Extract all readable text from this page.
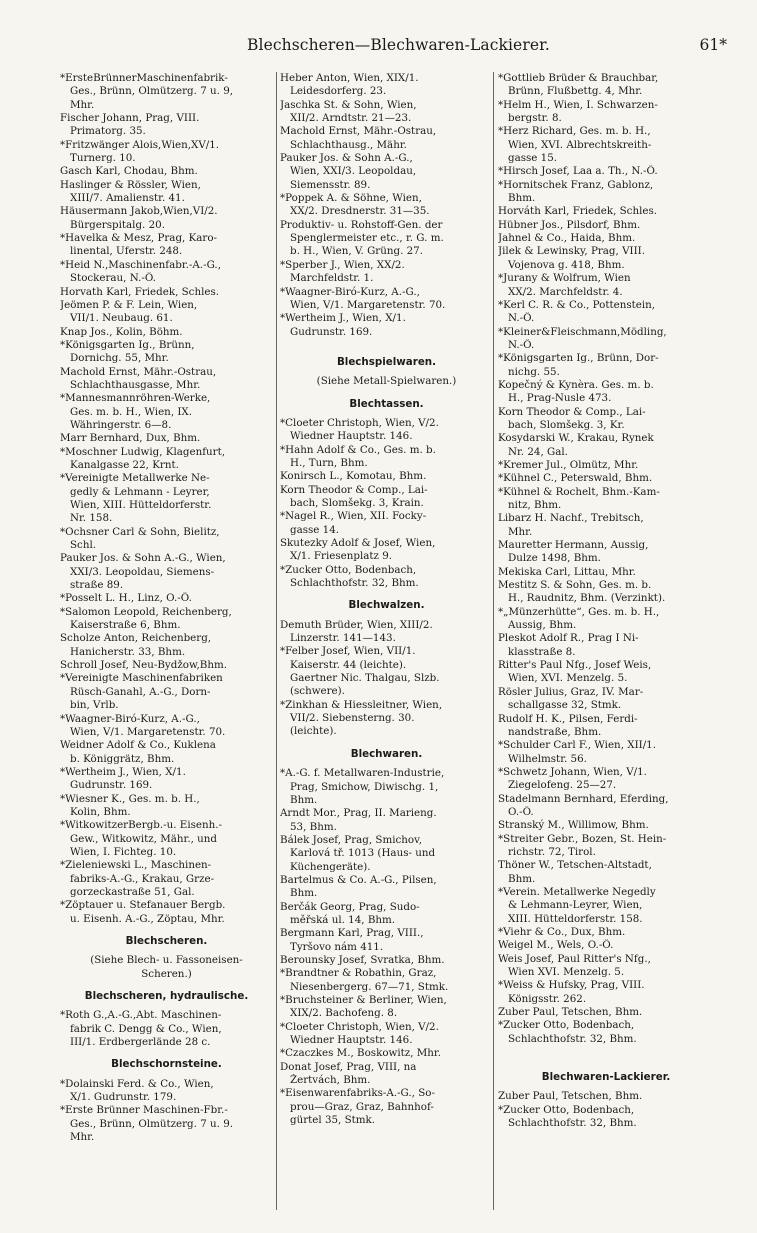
Blechscheren—Blechwaren-Lackierer.	61*
*ErsteBrünnerMaschinenfabrik-
Ges., Brünn, Olmützerg. 7 u. 9,
Mhr.
Fischer Johann, Prag, VIII.
Primatorg. 35.
*Fritzwänger Alois,Wien,XV/1.
Turnerg. 10.
Gasch Karl, Chodau, Bhm.
Haslinger & Rössler, Wien,
XIII/7. Amalienstr. 41.
Häusermann Jakob,Wien,VI/2.
Bürgerspitalg. 20.
*Havelka & Mesz, Prag, Karo-
linental, Uferstr. 248.
*Heid N.,Maschinenfabr.-A.-G.,
Stockerau, N.-Ö.
Horvath Karl, Friedek, Schles.
Jeömen P. & F. Lein, Wien,
VII/1. Neubaug. 61.
Knap Jos., Kolin, Böhm.
*Königsgarten Ig., Brünn,
Dornichg. 55, Mhr.
Machold Ernst, Mähr.-Ostrau,
Schlachthausgasse, Mhr.
*Mannesmannröhren-Werke,
Ges. m. b. H., Wien, IX.
Währingerstr. 6—8.
Marr Bernhard, Dux, Bhm.
*Moschner Ludwig, Klagenfurt,
Kanalgasse 22, Krnt.
*Vereinigte Metallwerke Ne-
gedly & Lehmann - Leyrer,
Wien, XIII. Hütteldorferstr.
Nr. 158.
*Ochsner Carl & Sohn, Bielitz,
Schl.
Pauker Jos. & Sohn A.-G., Wien,
XXI/3. Leopoldau, Siemens-
straße 89.
*Posselt L. H., Linz, O.-Ö.
*Salomon Leopold, Reichenberg,
Kaiserstraße 6, Bhm.
Scholze Anton, Reichenberg,
Hanicherstr. 33, Bhm.
Schroll Josef, Neu-Bydžow,Bhm.
*Vereinigte Maschinenfabriken
Rüsch-Ganahl, A.-G., Dorn-
bin, Vrlb.
*Waagner-Biró-Kurz, A.-G.,
Wien, V/1. Margaretenstr. 70.
Weidner Adolf & Co., Kuklena
b. Königgrätz, Bhm.
*Wertheim J., Wien, X/1.
Gudrunstr. 169.
*Wiesner K., Ges. m. b. H.,
Kolin, Bhm.
*WitkowitzerBergb.-u. Eisenh.-
Gew., Witkowitz, Mähr., und
Wien, I. Fichteg. 10.
*Zieleniewski L., Maschinen-
fabriks-A.-G., Krakau, Grze-
gorzeckastraße 51, Gal.
*Zöptauer u. Stefanauer Bergb.
u. Eisenh. A.-G., Zöptau, Mhr.
Blechscheren.
(Siehe Blech- u. Fassoneisen-
Scheren.)
Blechscheren, hydraulische.
*Roth G.,A.-G.,Abt. Maschinen-
fabrik C. Dengg & Co., Wien,
III/1. Erdbergerlände 28 c.
Blechschornsteine.
*Dolainski Ferd. & Co., Wien,
X/1. Gudrunstr. 179.
*Erste Brünner Maschinen-Fbr.-
Ges., Brünn, Olmützerg. 7 u. 9.
Mhr.
Heber Anton, Wien, XIX/1.
Leidesdorferg. 23.
Jaschka St. & Sohn, Wien,
XII/2. Arndtstr. 21—23.
Machold Ernst, Mähr.-Ostrau,
Schlachthausg., Mähr.
Pauker Jos. & Sohn A.-G.,
Wien, XXI/3. Leopoldau,
Siemensstr. 89.
*Poppek A. & Söhne, Wien,
XX/2. Dresdnerstr. 31—35.
Produktiv- u. Rohstoff-Gen. der
Spenglermeister etc., r. G. m.
b. H., Wien, V. Grüng. 27.
*Sperber J., Wien, XX/2.
Marchfeldstr. 1.
*Waagner-Biró-Kurz, A.-G.,
Wien, V/1. Margaretenstr. 70.
*Wertheim J., Wien, X/1.
Gudrunstr. 169.
Blechspielwaren.
(Siehe Metall-Spielwaren.)
Blechtassen.
*Cloeter Christoph, Wien, V/2.
Wiedner Hauptstr. 146.
*Hahn Adolf & Co., Ges. m. b.
H., Turn, Bhm.
Konirsch L., Komotau, Bhm.
Korn Theodor & Comp., Lai-
bach, Slomšekg. 3, Krain.
*Nagel R., Wien, XII. Focky-
gasse 14.
Skutezky Adolf & Josef, Wien,
X/1. Friesenplatz 9.
*Zucker Otto, Bodenbach,
Schlachthofstr. 32, Bhm.
Blechwalzen.
Demuth Brüder, Wien, XIII/2.
Linzerstr. 141—143.
*Felber Josef, Wien, VII/1.
Kaiserstr. 44 (leichte).
Gaertner Nic. Thalgau, Slzb.
(schwere).
*Zinkhan & Hiessleitner, Wien,
VII/2. Siebensterng. 30.
(leichte).
Blechwaren.
*A.-G. f. Metallwaren-Industrie,
Prag, Smichow, Diwischg. 1,
Bhm.
Arndt Mor., Prag, II. Marieng.
53, Bhm.
Bálek Josef, Prag, Smichov,
Karlová tř. 1013 (Haus- und
Küchengeräte).
Bartelmus & Co. A.-G., Pilsen,
Bhm.
Berčák Georg, Prag, Sudo-
měřská ul. 14, Bhm.
Bergmann Karl, Prag, VIII.,
Tyršovo nám 411.
Berounsky Josef, Svratka, Bhm.
*Brandtner & Robathin, Graz,
Niesenbergerg. 67—71, Stmk.
*Bruchsteiner & Berliner, Wien,
XIX/2. Bachofeng. 8.
*Cloeter Christoph, Wien, V/2.
Wiedner Hauptstr. 146.
*Czaczkes M., Boskowitz, Mhr.
Donat Josef, Prag, VIII, na
Žertvách, Bhm.
*Eisenwarenfabriks-A.-G., So-
prou—Graz, Graz, Bahnhof-
gürtel 35, Stmk.
*Gottlieb Brüder & Brauchbar,
Brünn, Flußbettg. 4, Mhr.
*Helm H., Wien, I. Schwarzen-
bergstr. 8.
*Herz Richard, Ges. m. b. H.,
Wien, XVI. Albrechtskreith-
gasse 15.
*Hirsch Josef, Laa a. Th., N.-Ö.
*Hornitschek Franz, Gablonz,
Bhm.
Horváth Karl, Friedek, Schles.
Hübner Jos., Pilsdorf, Bhm.
Jahnel & Co., Haida, Bhm.
Jilek & Lewinsky, Prag, VIII.
Vojenova g. 418, Bhm.
*Jurany & Wolfrum, Wien
XX/2. Marchfeldstr. 4.
*Kerl C. R. & Co., Pottenstein,
N.-Ö.
*Kleiner&Fleischmann,Mödling,
N.-Ö.
*Königsgarten Ig., Brünn, Dor-
nichg. 55.
Kopečný & Kynèra. Ges. m. b.
H., Prag-Nusle 473.
Korn Theodor & Comp., Lai-
bach, Slomšekg. 3, Kr.
Kosydarski W., Krakau, Rynek
Nr. 24, Gal.
*Kremer Jul., Olmütz, Mhr.
*Kühnel C., Peterswald, Bhm.
*Kühnel & Rochelt, Bhm.-Kam-
nitz, Bhm.
Libarz H. Nachf., Trebitsch,
Mhr.
Mauretter Hermann, Aussig,
Dulze 1498, Bhm.
Mekiska Carl, Littau, Mhr.
Mestitz S. & Sohn, Ges. m. b.
H., Raudnitz, Bhm. (Verzinkt).
*„Münzerhütte“, Ges. m. b. H.,
Aussig, Bhm.
Pleskot Adolf R., Prag I Ni-
klasstraße 8.
Ritter's Paul Nfg., Josef Weis,
Wien, XVI. Menzelg. 5.
Rösler Julius, Graz, IV. Mar-
schallgasse 32, Stmk.
Rudolf H. K., Pilsen, Ferdi-
nandstraße, Bhm.
*Schulder Carl F., Wien, XII/1.
Wilhelmstr. 56.
*Schwetz Johann, Wien, V/1.
Ziegelofeng. 25—27.
Stadelmann Bernhard, Eferding,
O.-Ö.
Stranský M., Willimow, Bhm.
*Streiter Gebr., Bozen, St. Hein-
richstr. 72, Tirol.
Thöner W., Tetschen-Altstadt,
Bhm.
*Verein. Metallwerke Negedly
& Lehmann-Leyrer, Wien,
XIII. Hütteldorferstr. 158.
*Viehr & Co., Dux, Bhm.
Weigel M., Wels, O.-Ö.
Weis Josef, Paul Ritter's Nfg.,
Wien XVI. Menzelg. 5.
*Weiss & Hufsky, Prag, VIII.
Königsstr. 262.
Zuber Paul, Tetschen, Bhm.
*Zucker Otto, Bodenbach,
Schlachthofstr. 32, Bhm.
Blechwaren-Lackierer.
Zuber Paul, Tetschen, Bhm.
*Zucker Otto, Bodenbach,
Schlachthofstr. 32, Bhm.
